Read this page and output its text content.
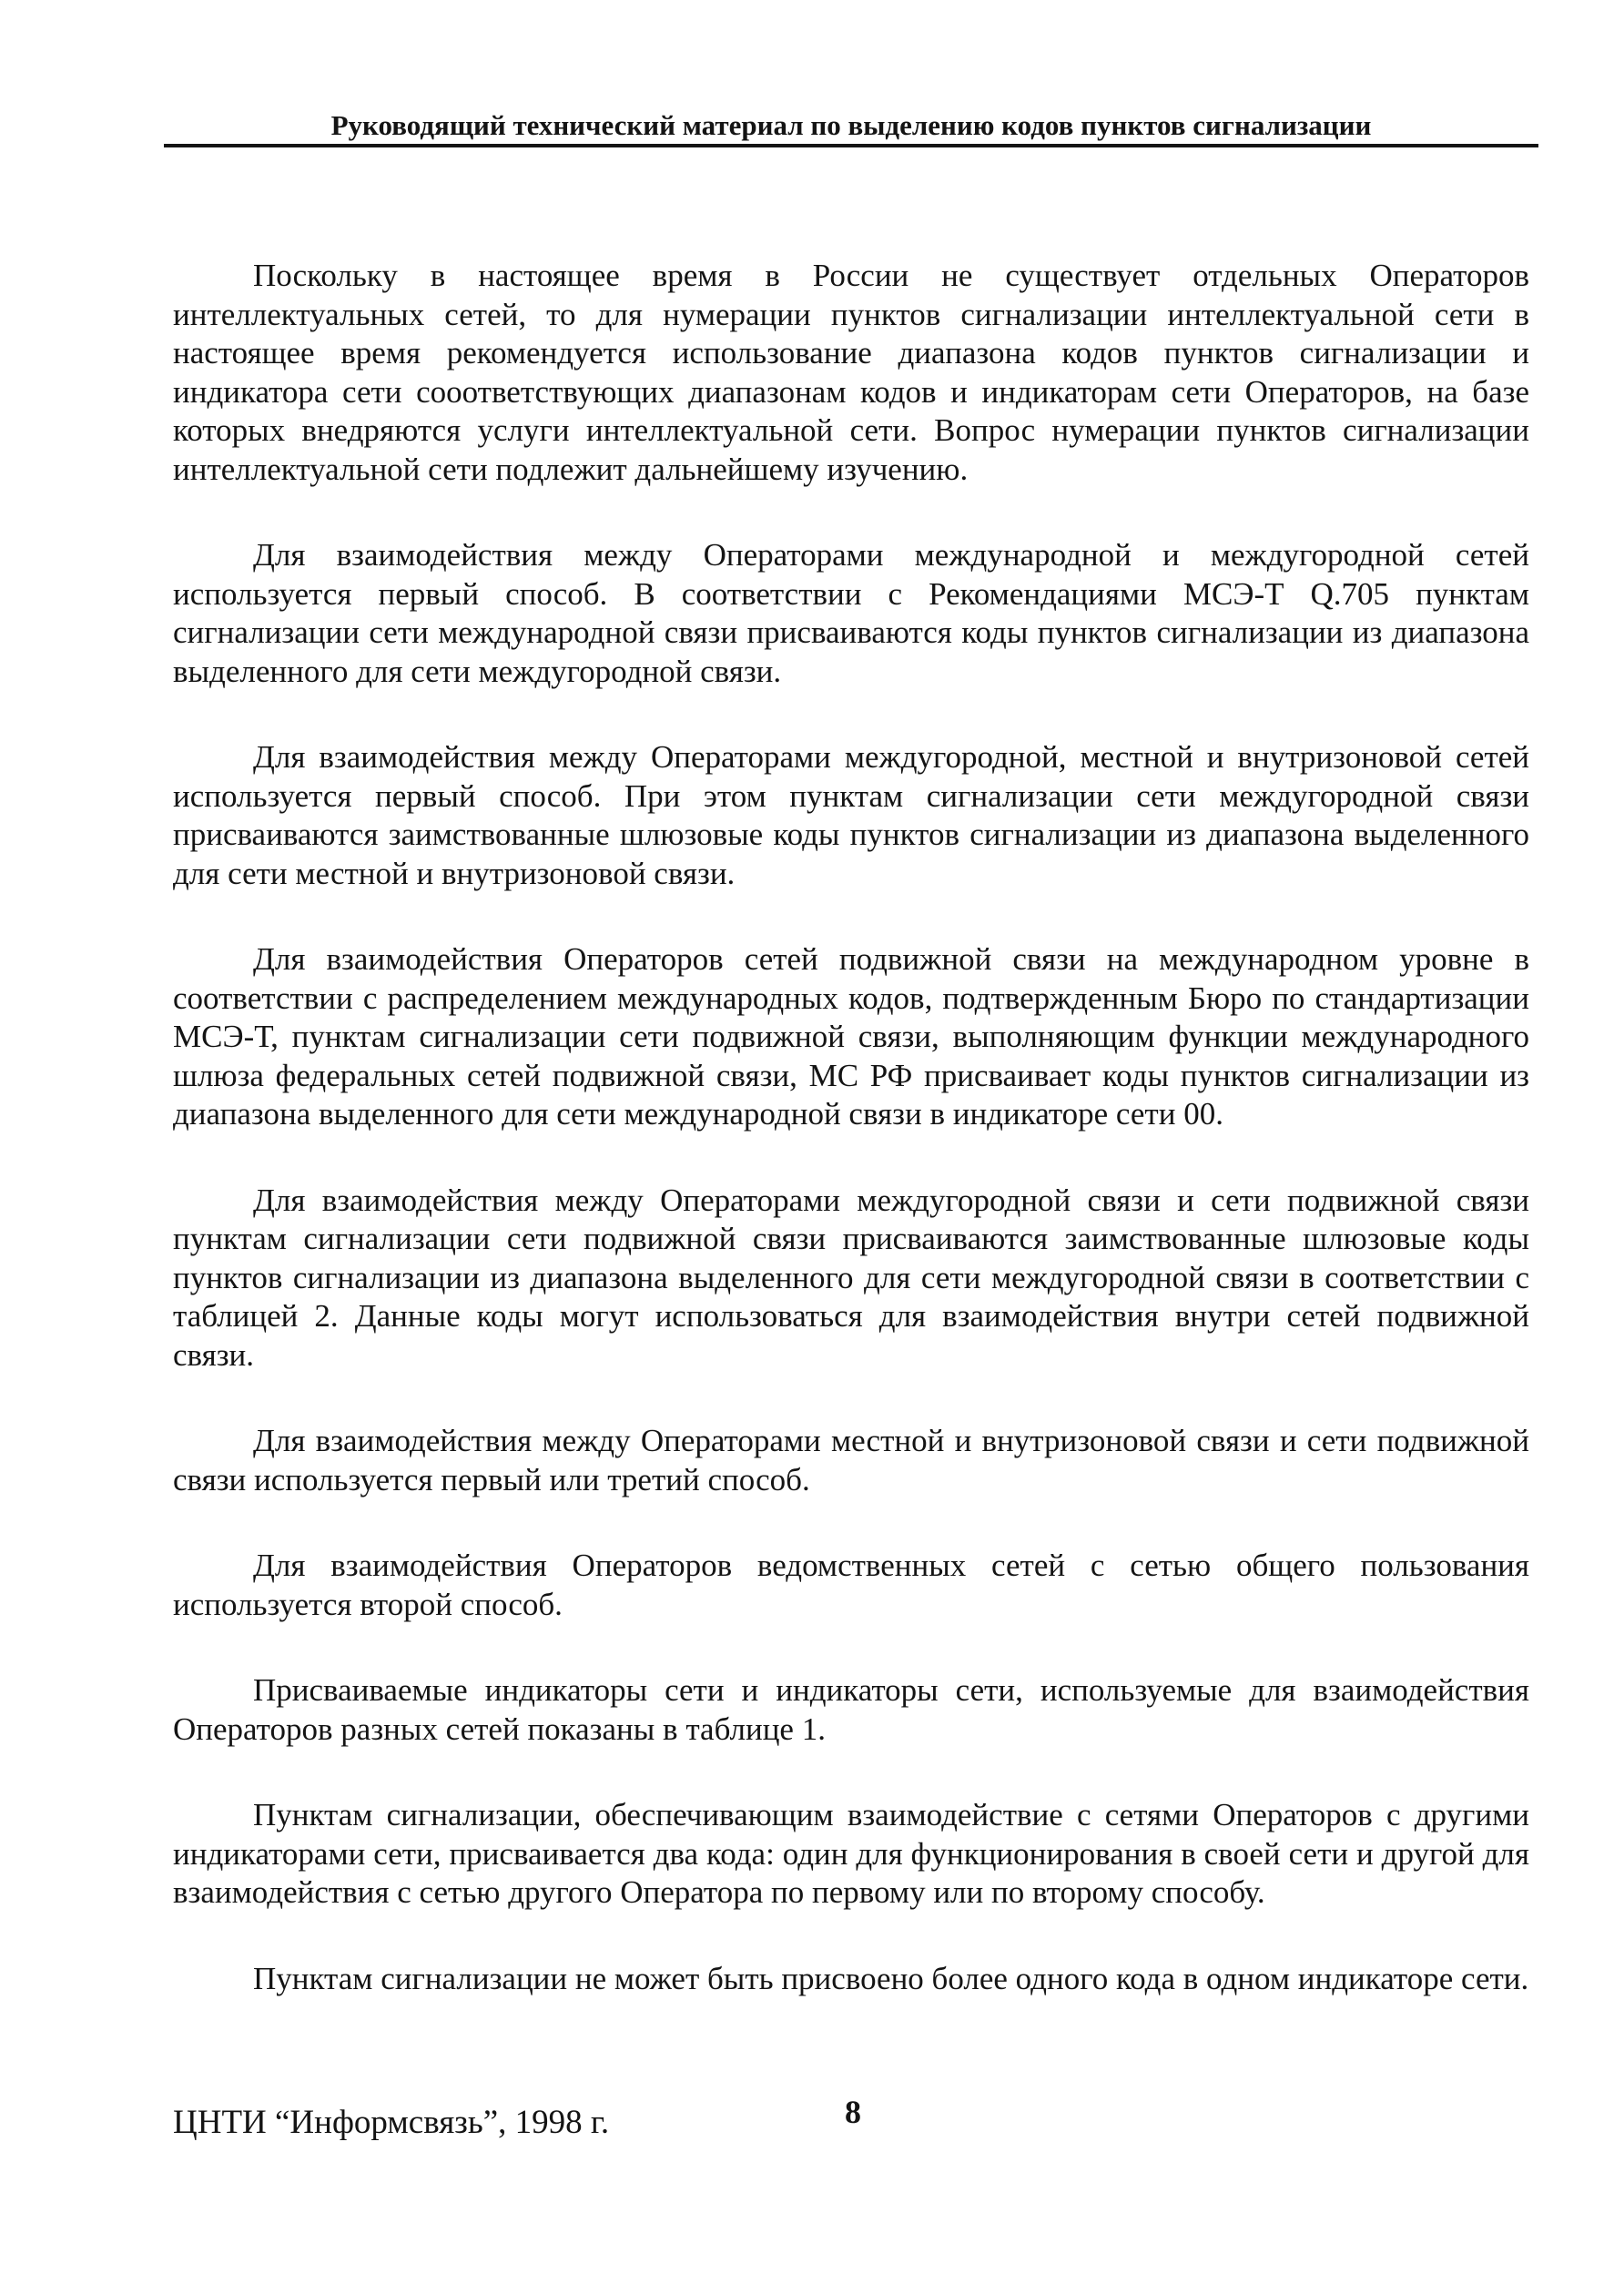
Руководящий технический материал по выделению кодов пунктов сигнализации

Поскольку в настоящее время в России не существует отдельных Операторов интеллектуальных сетей, то для нумерации пунктов сигнализации интеллектуальной сети в настоящее время рекомендуется использование диапазона кодов пунктов сигнализации и индикатора сети сооответствующих диапазонам кодов и индикаторам сети Операторов, на базе которых внедряются услуги интеллектуальной сети. Вопрос нумерации пунктов сигнализации интеллектуальной сети подлежит дальнейшему изучению.

Для взаимодействия между Операторами международной и междугородной сетей используется первый способ. В соответствии с Рекомендациями МСЭ-Т Q.705 пунктам сигнализации сети международной связи присваиваются коды пунктов сигнализации из диапазона выделенного для сети междугородной связи.

Для взаимодействия между Операторами междугородной, местной и внутризоновой сетей используется первый способ. При этом пунктам сигнализации сети междугородной связи присваиваются заимствованные шлюзовые коды пунктов сигнализации из диапазона выделенного для сети местной и внутризоновой связи.

Для взаимодействия Операторов сетей подвижной связи на международном уровне в соответствии с распределением международных кодов, подтвержденным Бюро по стандартизации МСЭ-Т, пунктам сигнализации сети подвижной связи, выполняющим функции международного шлюза федеральных сетей подвижной связи, МС РФ присваивает коды пунктов сигнализации из диапазона выделенного для сети международной связи в индикаторе сети 00.

Для взаимодействия между Операторами междугородной связи и сети подвижной связи пунктам сигнализации сети подвижной связи присваиваются заимствованные шлюзовые коды пунктов сигнализации из диапазона выделенного для сети междугородной связи в соответствии с таблицей 2. Данные коды могут использоваться для взаимодействия внутри сетей подвижной связи.

Для взаимодействия между Операторами местной и внутризоновой связи и сети подвижной связи используется первый или третий способ.

Для взаимодействия Операторов ведомственных сетей с сетью общего пользования используется второй способ.

Присваиваемые индикаторы сети и индикаторы сети, используемые для взаимодействия Операторов разных сетей показаны в таблице 1.

Пунктам сигнализации, обеспечивающим взаимодействие с сетями Операторов с другими индикаторами сети, присваивается два кода: один для функционирования в своей сети и другой для взаимодействия с сетью другого Оператора по первому или по второму способу.

Пунктам сигнализации не может быть присвоено более одного кода в одном индикаторе сети.

ЦНТИ “Информсвязь”, 1998 г.	8
